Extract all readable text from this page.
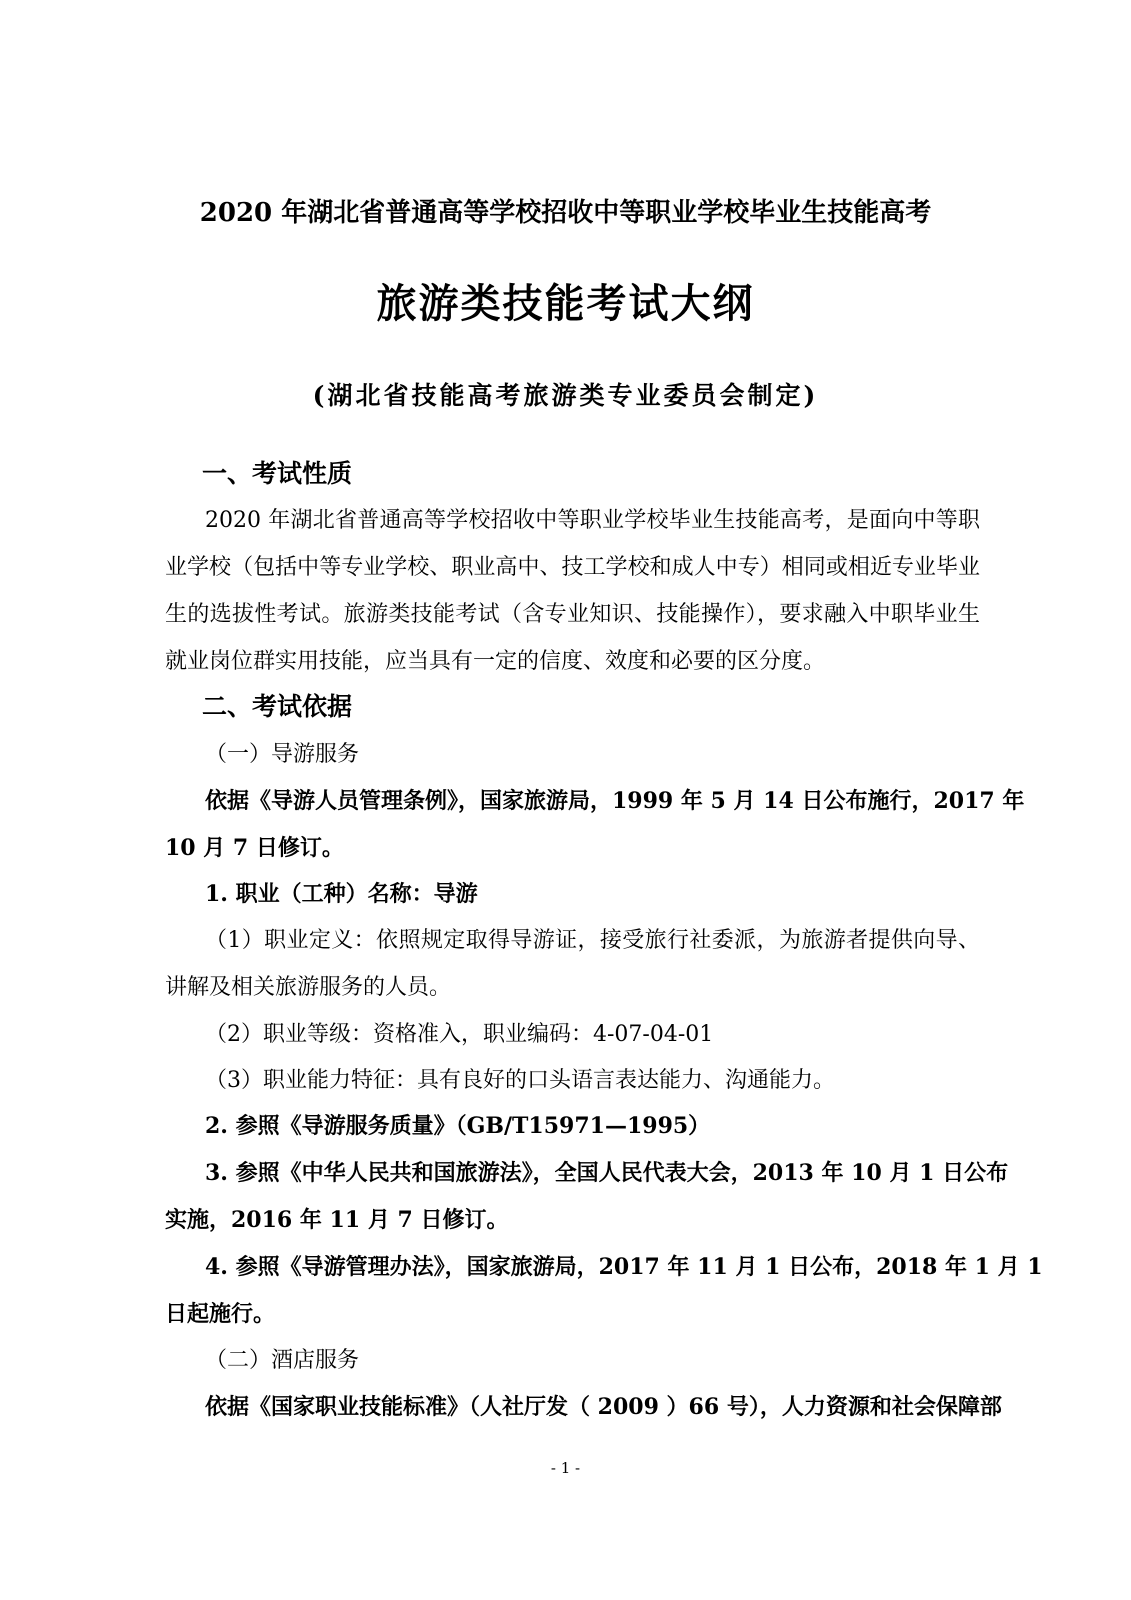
2020 年湖北省普通高等学校招收中等职业学校毕业生技能高考
旅游类技能考试大纲
(湖北省技能高考旅游类专业委员会制定)
一、考试性质
2020 年湖北省普通高等学校招收中等职业学校毕业生技能高考，是面向中等职
业学校（包括中等专业学校、职业高中、技工学校和成人中专）相同或相近专业毕业
生的选拔性考试。旅游类技能考试（含专业知识、技能操作），要求融入中职毕业生
就业岗位群实用技能，应当具有一定的信度、效度和必要的区分度。
二、考试依据
（一）导游服务
依据《导游人员管理条例》，国家旅游局，1999 年 5 月 14 日公布施行，2017 年
10 月 7 日修订。
1. 职业（工种）名称：导游
（1）职业定义：依照规定取得导游证，接受旅行社委派，为旅游者提供向导、
讲解及相关旅游服务的人员。
（2）职业等级：资格准入，职业编码：4-07-04-01
（3）职业能力特征：具有良好的口头语言表达能力、沟通能力。
2. 参照《导游服务质量》（GB/T15971—1995）
3. 参照《中华人民共和国旅游法》，全国人民代表大会，2013 年 10 月 1 日公布
实施，2016 年 11 月 7 日修订。
4. 参照《导游管理办法》，国家旅游局，2017 年 11 月 1 日公布，2018 年 1 月 1
日起施行。
（二）酒店服务
依据《国家职业技能标准》（人社厅发（ 2009 ）66 号），人力资源和社会保障部
- 1 -
